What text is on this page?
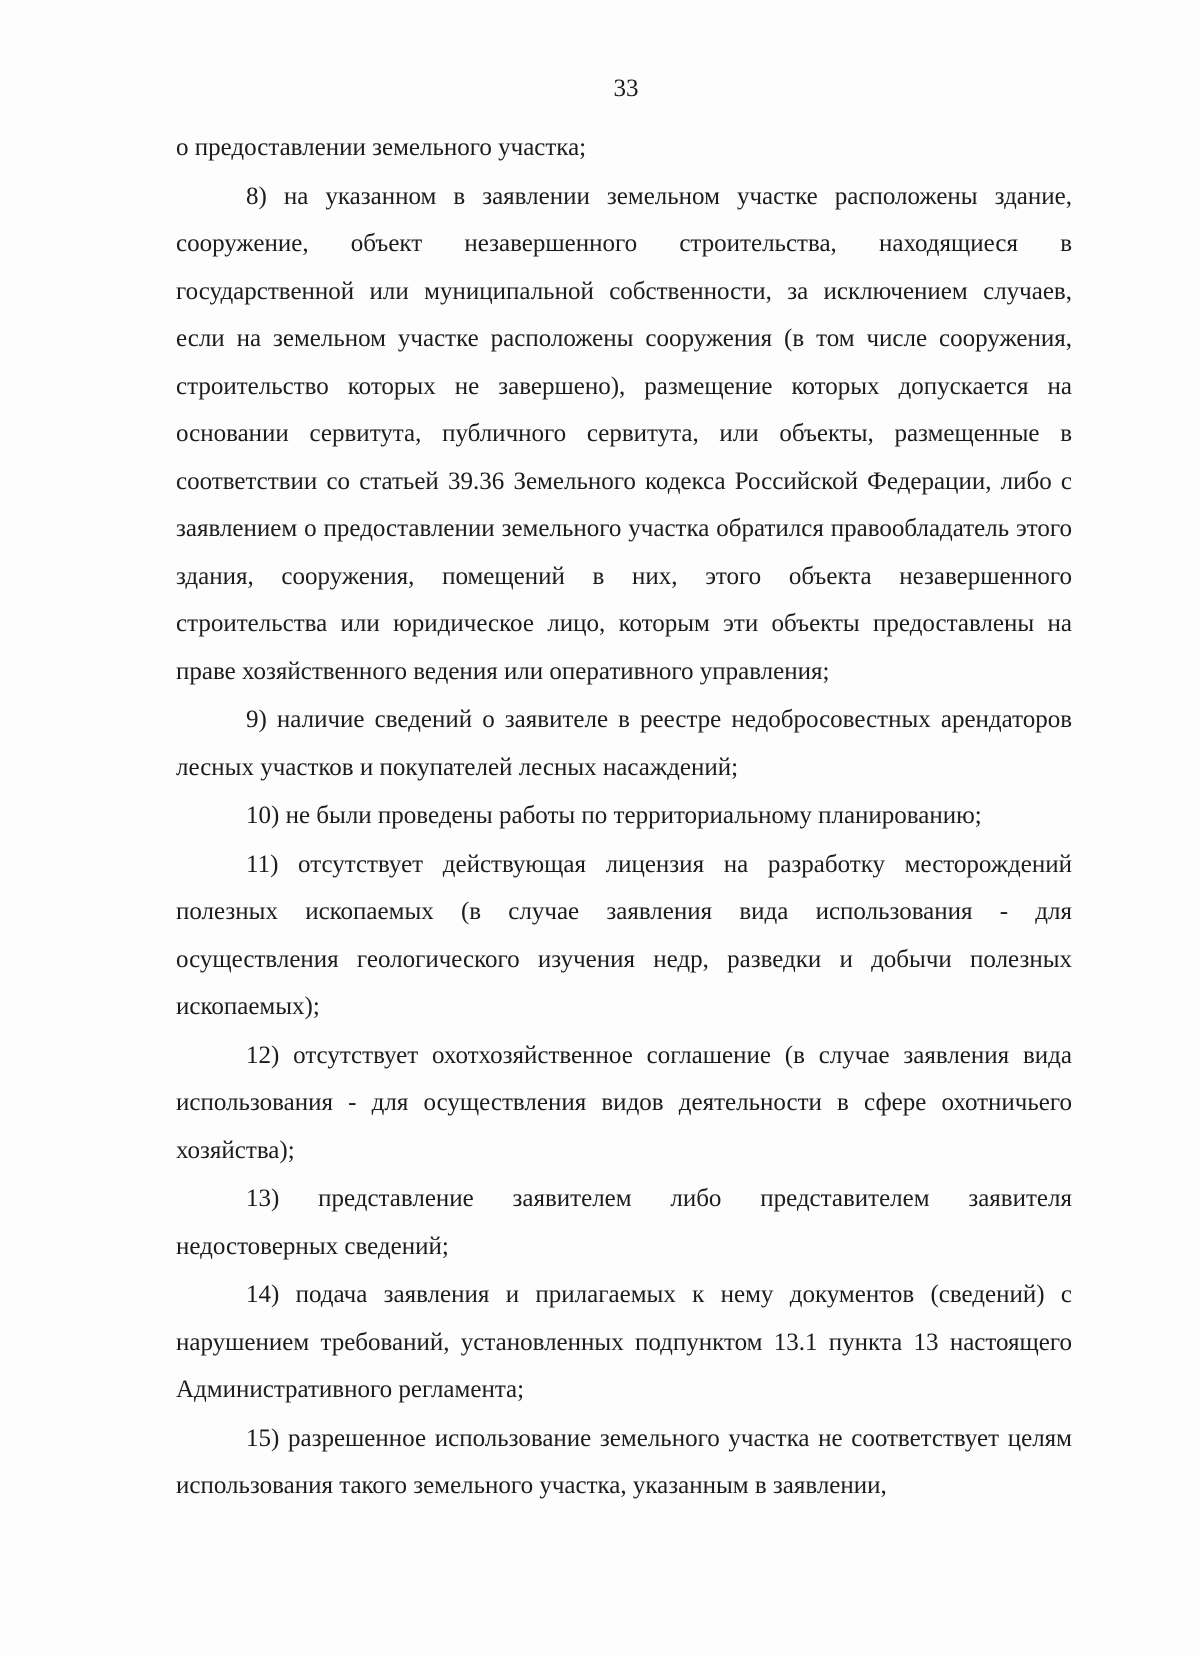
33

о предоставлении земельного участка;

8) на указанном в заявлении земельном участке расположены здание, сооружение, объект незавершенного строительства, находящиеся в государственной или муниципальной собственности, за исключением случаев, если на земельном участке расположены сооружения (в том числе сооружения, строительство которых не завершено), размещение которых допускается на основании сервитута, публичного сервитута, или объекты, размещенные в соответствии со статьей 39.36 Земельного кодекса Российской Федерации, либо с заявлением о предоставлении земельного участка обратился правообладатель этого здания, сооружения, помещений в них, этого объекта незавершенного строительства или юридическое лицо, которым эти объекты предоставлены на праве хозяйственного ведения или оперативного управления;

9) наличие сведений о заявителе в реестре недобросовестных арендаторов лесных участков и покупателей лесных насаждений;

10) не были проведены работы по территориальному планированию;

11) отсутствует действующая лицензия на разработку месторождений полезных ископаемых (в случае заявления вида использования - для осуществления геологического изучения недр, разведки и добычи полезных ископаемых);

12) отсутствует охотхозяйственное соглашение (в случае заявления вида использования - для осуществления видов деятельности в сфере охотничьего хозяйства);

13) представление заявителем либо представителем заявителя недостоверных сведений;

14) подача заявления и прилагаемых к нему документов (сведений) с нарушением требований, установленных подпунктом 13.1 пункта 13 настоящего Административного регламента;

15) разрешенное использование земельного участка не соответствует целям использования такого земельного участка, указанным в заявлении,
